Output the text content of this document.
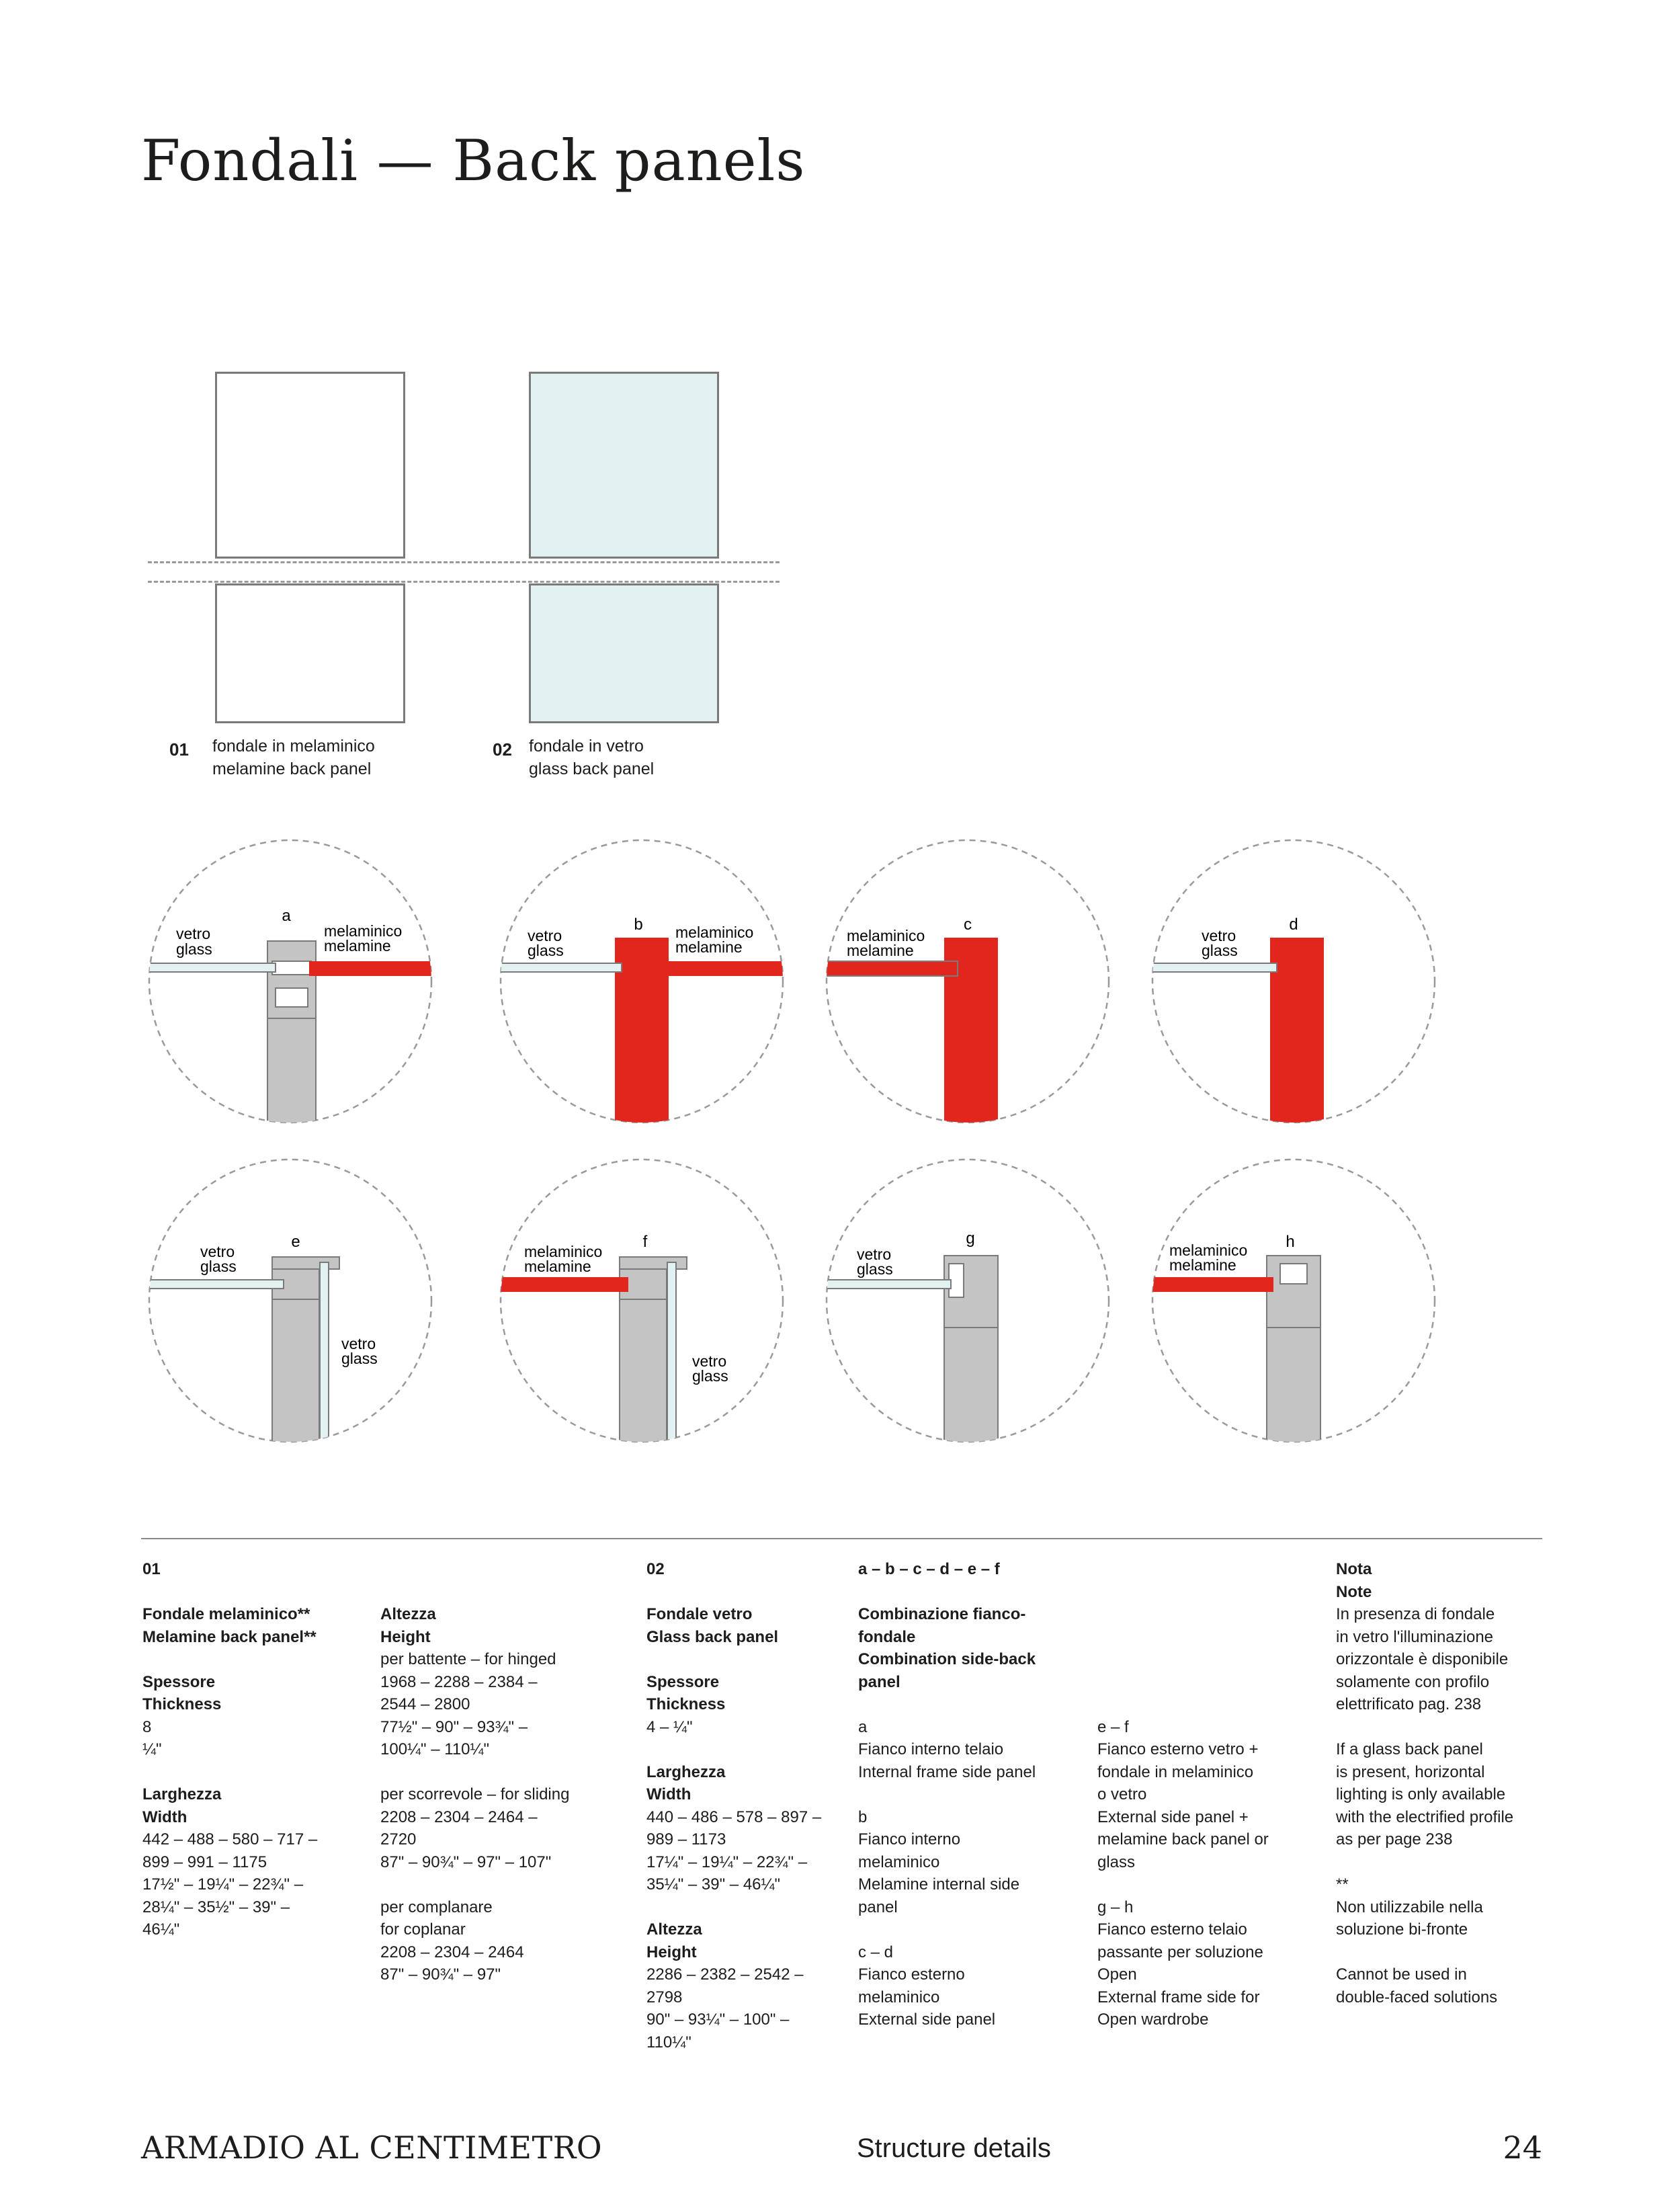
Fondali — Back panels
01 fondale in melaminico
melamine back panel
02 fondale in vetro
glass back panel
a
vetro
glass
melaminico
melamine
b
vetro
glass
melaminico
melamine
c
melaminico
melamine
d
vetro
glass
e
vetro
glass
vetro
glass
f
melaminico
melamine
vetro
glass
g
vetro
glass
h
melaminico
melamine
01
Fondale melaminico**
Melamine back panel**
Spessore
Thickness
8
¼"
Larghezza
Width
442 – 488 – 580 – 717 –
899 – 991 – 1175
17½" – 19¼" – 22¾" –
28¼" – 35½" – 39" –
46¼"
Altezza
Height
per battente – for hinged
1968 – 2288 – 2384 –
2544 – 2800
77½" – 90" – 93¾" –
100¼" – 110¼"
per scorrevole – for sliding
2208 – 2304 – 2464 –
2720
87" – 90¾" – 97" – 107"
per complanare
for coplanar
2208 – 2304 – 2464
87" – 90¾" – 97"
02
Fondale vetro
Glass back panel
Spessore
Thickness
4 – ¼"
Larghezza
Width
440 – 486 – 578 – 897 –
989 – 1173
17¼" – 19¼" – 22¾" –
35¼" – 39" – 46¼"
Altezza
Height
2286 – 2382 – 2542 –
2798
90" – 93¼" – 100" –
110¼"
a – b – c – d – e – f
Combinazione fianco-
fondale
Combination side-back
panel
a
Fianco interno telaio
Internal frame side panel
b
Fianco interno
melaminico
Melamine internal side
panel
c – d
Fianco esterno
melaminico
External side panel
e – f
Fianco esterno vetro +
fondale in melaminico
o vetro
External side panel +
melamine back panel or
glass
g – h
Fianco esterno telaio
passante per soluzione
Open
External frame side for
Open wardrobe
Nota
Note
In presenza di fondale
in vetro l'illuminazione
orizzontale è disponibile
solamente con profilo
elettrificato pag. 238
If a glass back panel
is present, horizontal
lighting is only available
with the electrified profile
as per page 238
**
Non utilizzabile nella
soluzione bi-fronte
Cannot be used in
double-faced solutions
ARMADIO AL CENTIMETRO	Structure details	24
